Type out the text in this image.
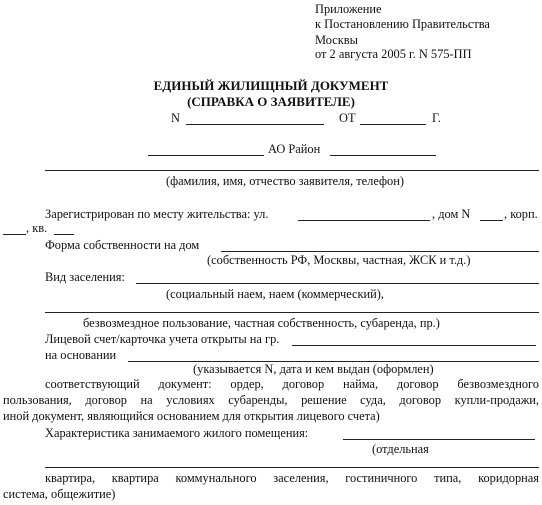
Приложение
к Постановлению Правительства
Москвы
от 2 августа 2005 г. N 575-ПП
ЕДИНЫЙ ЖИЛИЩНЫЙ ДОКУМЕНТ
(СПРАВКА О ЗАЯВИТЕЛЕ)
N	ОТ	Г.
АО Район
(фамилия, имя, отчество заявителя, телефон)
Зарегистрирован по месту жительства: ул.	, дом N	, корп.
, кв.
Форма собственности на дом
(собственность РФ, Москвы, частная, ЖСК и т.д.)
Вид заселения:
(социальный наем, наем (коммерческий),
безвозмездное пользование, частная собственность, субаренда, пр.)
Лицевой счет/карточка учета открыты на гр.
на основании
(указывается N, дата и кем выдан (оформлен)
соответствующий документ: ордер, договор найма, договор безвозмездного
пользования, договор на условиях субаренды, решение суда, договор купли-продажи,
иной документ, являющийся основанием для открытия лицевого счета)
Характеристика занимаемого жилого помещения:
(отдельная
квартира, квартира коммунального заселения, гостиничного типа, коридорная
система, общежитие)
